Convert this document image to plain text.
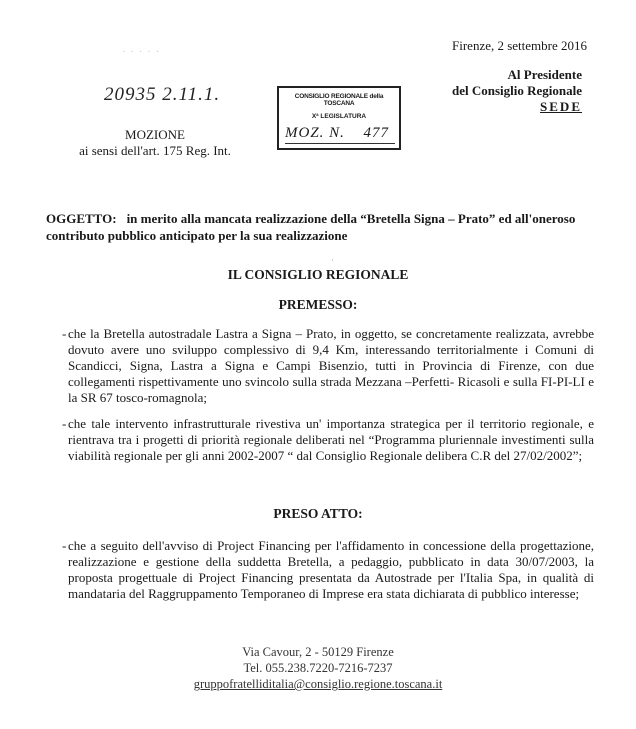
Firenze, 2 settembre 2016
Al Presidente
del Consiglio Regionale
SEDE
· · · · ·
20935 2.11.1.	CONSIGLIO REGIONALE della TOSCANA
Xª LEGISLATURA
MOZ. N. 477
MOZIONE
ai sensi dell'art. 175 Reg. Int.
OGGETTO: in merito alla mancata realizzazione della “Bretella Signa – Prato” ed all'oneroso contributo pubblico anticipato per la sua realizzazione
·
IL CONSIGLIO REGIONALE
PREMESSO:
- che la Bretella autostradale Lastra a Signa – Prato, in oggetto, se concretamente realizzata, avrebbe dovuto avere uno sviluppo complessivo di 9,4 Km, interessando territorialmente i Comuni di Scandicci, Signa, Lastra a Signa e Campi Bisenzio, tutti in Provincia di Firenze, con due collegamenti rispettivamente uno svincolo sulla strada Mezzana –Perfetti- Ricasoli e sulla FI-PI-LI e la SR 67 tosco-romagnola;
- che tale intervento infrastrutturale rivestiva un' importanza strategica per il territorio regionale, e rientrava tra i progetti di priorità regionale deliberati nel “Programma pluriennale investimenti sulla viabilità regionale per gli anni 2002-2007 “ dal Consiglio Regionale delibera C.R del 27/02/2002”;
PRESO ATTO:
- che a seguito dell'avviso di Project Financing per l'affidamento in concessione della progettazione, realizzazione e gestione della suddetta Bretella, a pedaggio, pubblicato in data 30/07/2003, la proposta progettuale di Project Financing presentata da Autostrade per l'Italia Spa, in qualità di mandataria del Raggruppamento Temporaneo di Imprese era stata dichiarata di pubblico interesse;
Via Cavour, 2 - 50129 Firenze
Tel. 055.238.7220-7216-7237
gruppofratelliditalia@consiglio.regione.toscana.it
